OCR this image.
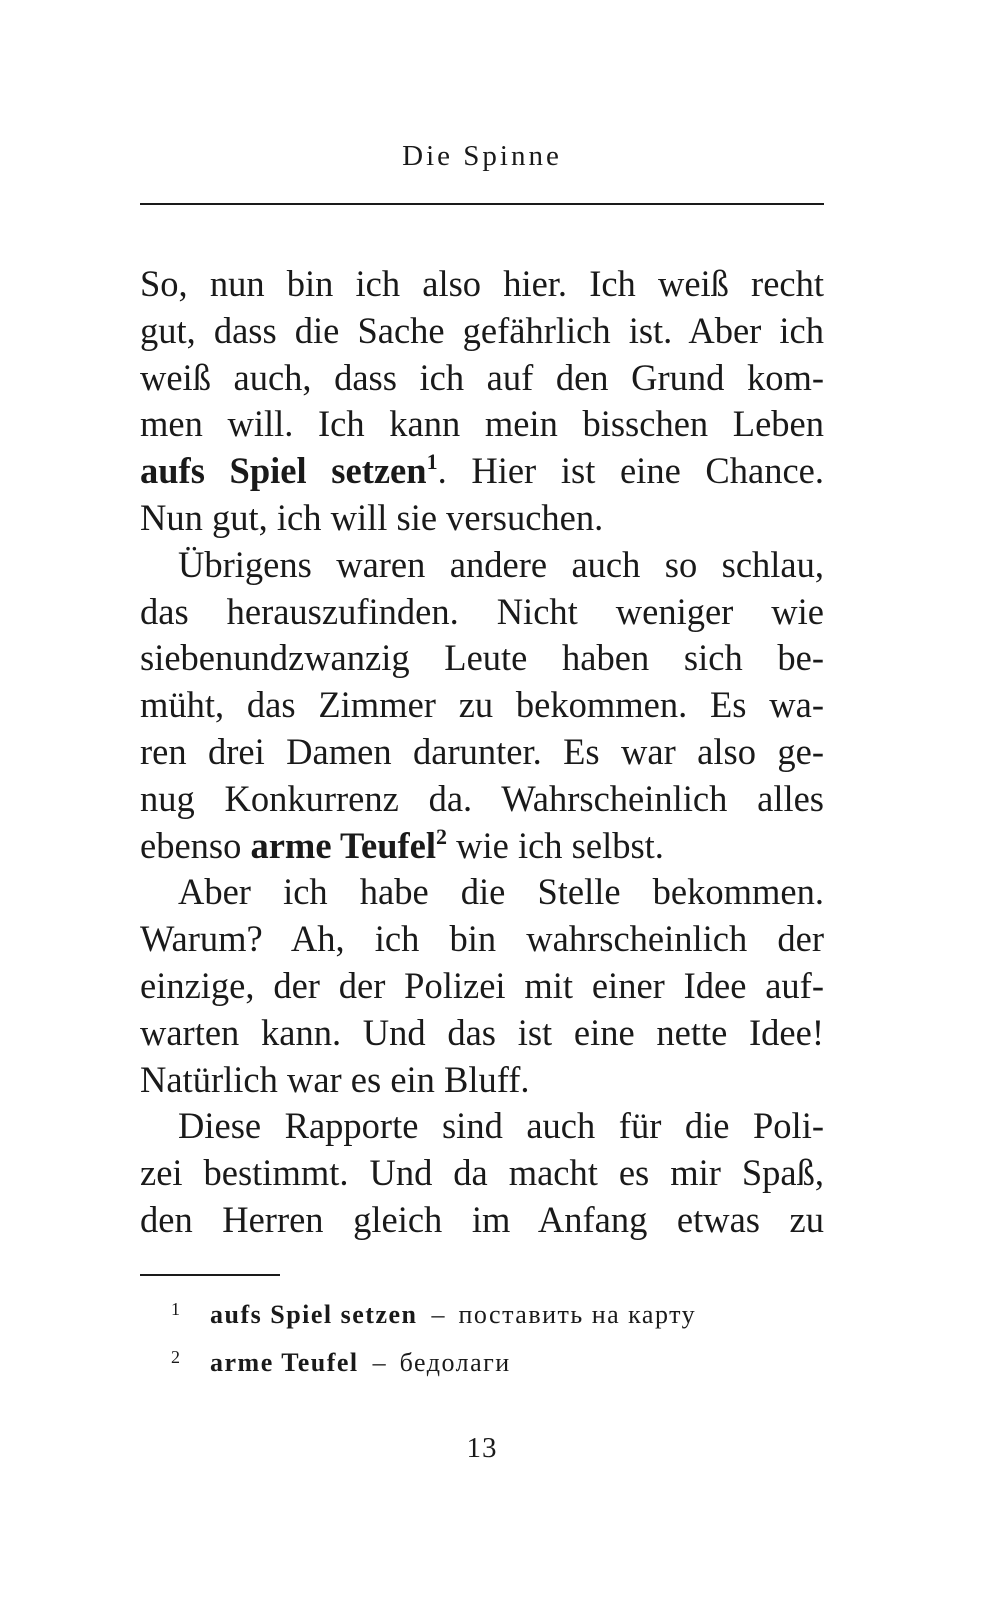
Die Spinne
So, nun bin ich also hier. Ich weiß recht
gut, dass die Sache gefährlich ist. Aber ich
weiß auch, dass ich auf den Grund kom-
men will. Ich kann mein bisschen Leben
aufs Spiel setzen$^1$. Hier ist eine Chance.
Nun gut, ich will sie versuchen.
Übrigens waren andere auch so schlau,
das herauszufinden. Nicht weniger wie
siebenundzwanzig Leute haben sich be-
müht, das Zimmer zu bekommen. Es wa-
ren drei Damen darunter. Es war also ge-
nug Konkurrenz da. Wahrscheinlich alles
ebenso arme Teufel$^2$ wie ich selbst.
Aber ich habe die Stelle bekommen.
Warum? Ah, ich bin wahrscheinlich der
einzige, der der Polizei mit einer Idee auf-
warten kann. Und das ist eine nette Idee!
Natürlich war es ein Bluff.
Diese Rapporte sind auch für die Poli-
zei bestimmt. Und da macht es mir Spaß,
den Herren gleich im Anfang etwas zu
1 aufs Spiel setzen – поставить на карту
2 arme Teufel – бедолаги
13
